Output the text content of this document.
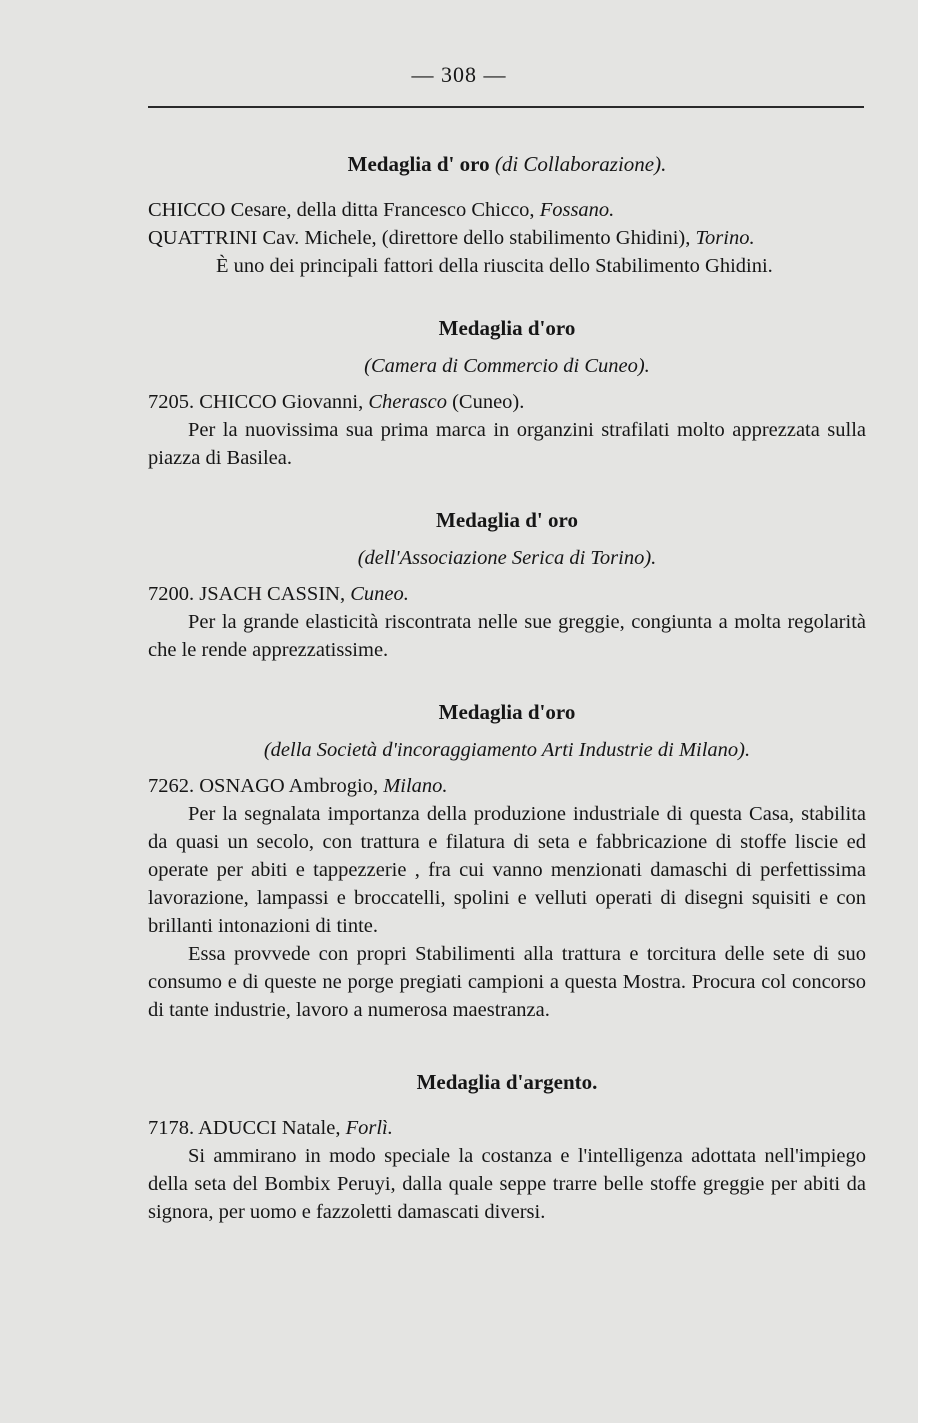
— 308 —
Medaglia d' oro (di Collaborazione).

CHICCO Cesare, della ditta Francesco Chicco, Fossano.

QUATTRINI Cav. Michele, (direttore dello stabilimento Ghidini), Torino.

È uno dei principali fattori della riuscita dello Stabilimento Ghidini.

Medaglia d'oro
(Camera di Commercio di Cuneo).

7205. CHICCO Giovanni, Cherasco (Cuneo).

Per la nuovissima sua prima marca in organzini strafilati molto apprezzata sulla piazza di Basilea.

Medaglia d' oro
(dell'Associazione Serica di Torino).

7200. JSACH CASSIN, Cuneo.

Per la grande elasticità riscontrata nelle sue greggie, congiunta a molta regolarità che le rende apprezzatissime.

Medaglia d'oro
(della Società d'incoraggiamento Arti Industrie di Milano).

7262. OSNAGO Ambrogio, Milano.

Per la segnalata importanza della produzione industriale di questa Casa, stabilita da quasi un secolo, con trattura e filatura di seta e fabbricazione di stoffe liscie ed operate per abiti e tappezzerie , fra cui vanno menzionati damaschi di perfettissima lavorazione, lampassi e broccatelli, spolini e velluti operati di disegni squisiti e con brillanti intonazioni di tinte.

Essa provvede con propri Stabilimenti alla trattura e torcitura delle sete di suo consumo e di queste ne porge pregiati campioni a questa Mostra. Procura col concorso di tante industrie, lavoro a numerosa maestranza.

Medaglia d'argento.

7178. ADUCCI Natale, Forlì.

Si ammirano in modo speciale la costanza e l'intelligenza adottata nell'impiego della seta del Bombix Peruyi, dalla quale seppe trarre belle stoffe greggie per abiti da signora, per uomo e fazzoletti damascati diversi.
